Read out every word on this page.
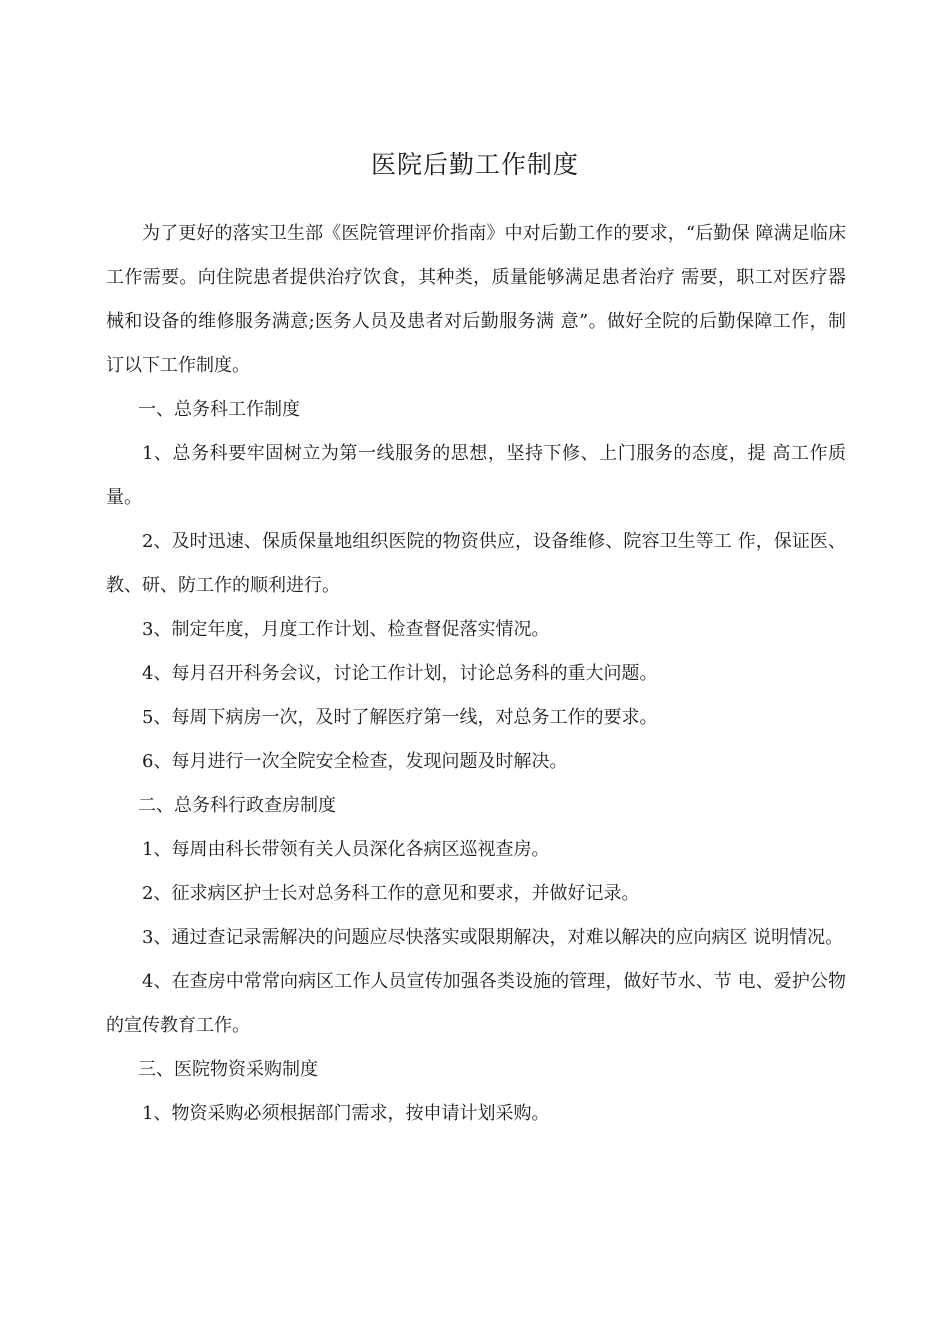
医院后勤工作制度

为了更好的落实卫生部《医院管理评价指南》中对后勤工作的要求，“后勤保 障满足临床工作需要。向住院患者提供治疗饮食，其种类，质量能够满足患者治疗 需要，职工对医疗器械和设备的维修服务满意;医务人员及患者对后勤服务满 意”。做好全院的后勤保障工作，制订以下工作制度。

一、总务科工作制度

1、总务科要牢固树立为第一线服务的思想，坚持下修、上门服务的态度，提 高工作质量。

2、及时迅速、保质保量地组织医院的物资供应，设备维修、院容卫生等工 作，保证医、教、研、防工作的顺利进行。

3、制定年度，月度工作计划、检查督促落实情况。

4、每月召开科务会议，讨论工作计划，讨论总务科的重大问题。

5、每周下病房一次，及时了解医疗第一线，对总务工作的要求。

6、每月进行一次全院安全检查，发现问题及时解决。

二、总务科行政查房制度

1、每周由科长带领有关人员深化各病区巡视查房。

2、征求病区护士长对总务科工作的意见和要求，并做好记录。

3、通过查记录需解决的问题应尽快落实或限期解决，对难以解决的应向病区 说明情况。

4、在查房中常常向病区工作人员宣传加强各类设施的管理，做好节水、节 电、爱护公物的宣传教育工作。

三、医院物资采购制度

1、物资采购必须根据部门需求，按申请计划采购。
